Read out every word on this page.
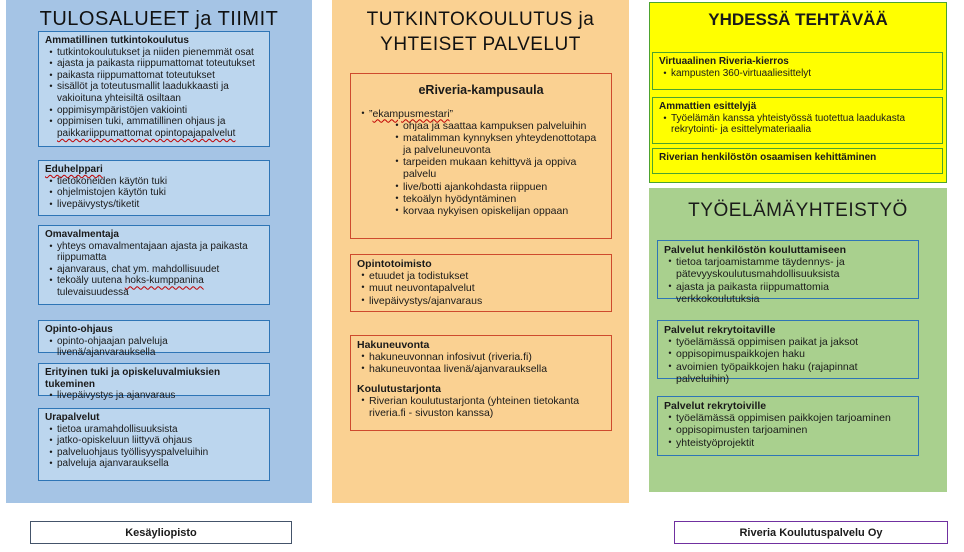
TULOSALUEET ja TIIMIT
Ammatillinen tutkintokoulutus
• tutkintokoulutukset ja niiden pienemmät osat
• ajasta ja paikasta riippumattomat toteutukset
• paikasta riippumattomat toteutukset
• sisällöt ja toteutusmallit laadukkaasti ja vakioituna yhteisiltä osiltaan
• oppimisympäristöjen vakiointi
• oppimisen tuki, ammatillinen ohjaus ja paikkariippumattomat opintopajapalvelut
Eduhelppari
• tietokoneiden käytön tuki
• ohjelmistojen käytön tuki
• livepäivystys/tiketit
Omavalmentaja
• yhteys omavalmentajaan ajasta ja paikasta riippumatta
• ajanvaraus, chat ym. mahdollisuudet
• tekoäly uutena hoks-kumppanina tulevaisuudessa
Opinto-ohjaus
• opinto-ohjaajan palveluja livenä/ajanvarauksella
Erityinen tuki ja opiskeluvalmiuksien tukeminen
• livepäivystys ja ajanvaraus
Urapalvelut
• tietoa uramahdollisuuksista
• jatko-opiskeluun liittyvä ohjaus
• palveluohjaus työllisyyspalveluihin
• palveluja ajanvarauksella
TUTKINTOKOULUTUS ja
YHTEISET PALVELUT
eRiveria-kampusaula
• ”ekampusmestari”
• ohjaa ja saattaa kampuksen palveluihin
• matalimman kynnyksen yhteydenottotapa ja palveluneuvonta
• tarpeiden mukaan kehittyvä ja oppiva palvelu
• live/botti ajankohdasta riippuen
• tekoälyn hyödyntäminen
• korvaa nykyisen opiskelijan oppaan
Opintotoimisto
• etuudet ja todistukset
• muut neuvontapalvelut
• livepäivystys/ajanvaraus
Hakuneuvonta
• hakuneuvonnan infosivut (riveria.fi)
• hakuneuvontaa livenä/ajanvarauksella
Koulutustarjonta
• Riverian koulutustarjonta (yhteinen tietokanta riveria.fi - sivuston kanssa)
YHDESSÄ TEHTÄVÄÄ
Virtuaalinen Riveria-kierros
• kampusten 360-virtuaaliesittelyt
Ammattien esittelyjä
• Työelämän kanssa yhteistyössä tuotettua laadukasta rekrytointi- ja esittelymateriaalia
Riverian henkilöstön osaamisen kehittäminen
TYÖELÄMÄYHTEISTYÖ
Palvelut henkilöstön kouluttamiseen
• tietoa tarjoamistamme täydennys- ja pätevyyskoulutusmahdollisuuksista
• ajasta ja paikasta riippumattomia verkkokoulutuksia
Palvelut rekrytoitaville
• työelämässä oppimisen paikat ja jaksot
• oppisopimuspaikkojen haku
• avoimien työpaikkojen haku (rajapinnat palveluihin)
Palvelut rekrytoiville
• työelämässä oppimisen paikkojen tarjoaminen
• oppisopimusten tarjoaminen
• yhteistyöprojektit
Kesäyliopisto	Riveria Koulutuspalvelu Oy
